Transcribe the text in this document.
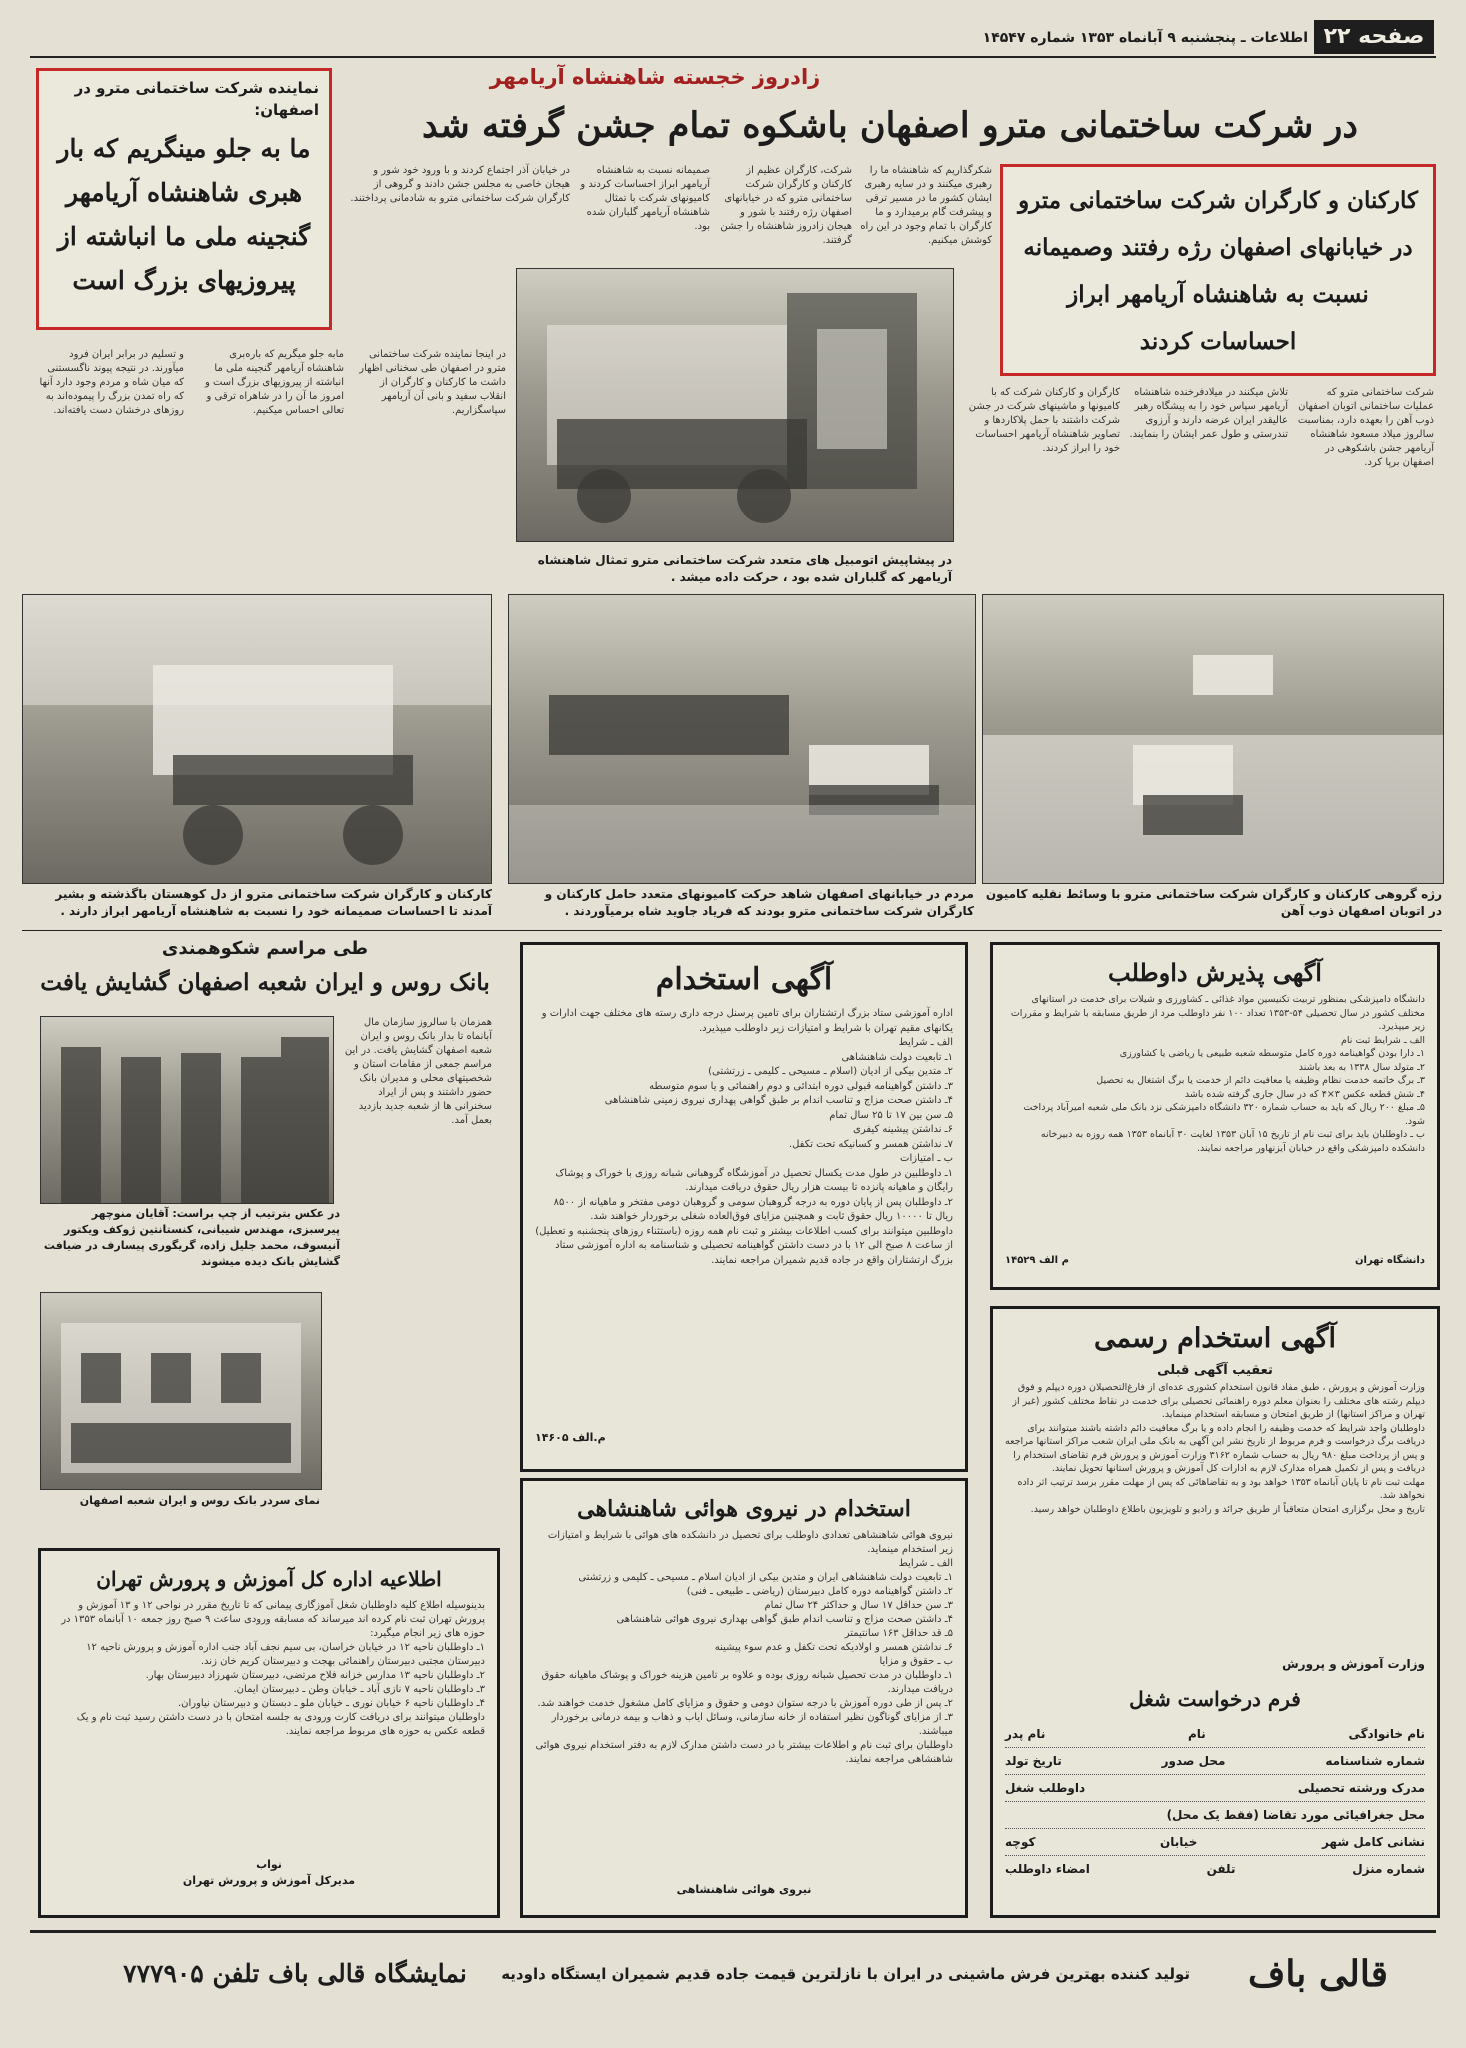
صفحه ۲۲
اطلاعات ـ پنجشنبه ۹ آبانماه ۱۳۵۳ شماره ۱۴۵۴۷
نماینده شرکت ساختمانی مترو در اصفهان:
ما به جلو مینگریم که بار هبری شاهنشاه آریامهر گنجینه ملی ما انباشته از پیروزیهای بزرگ است
زادروز خجسته شاهنشاه آریامهر
در شرکت ساختمانی مترو اصفهان باشکوه تمام جشن گرفته شد
کارکنان و کارگران شرکت ساختمانی مترو در خیابانهای اصفهان رژه رفتند وصمیمانه نسبت به شاهنشاه آریامهر ابراز احساسات کردند
شکرگذاریم که شاهنشاه ما را رهبری میکنند و در سایه رهبری ایشان کشور ما در مسیر ترقی و پیشرفت گام برمیدارد و ما کارگران با تمام وجود در این راه کوشش میکنیم.
شرکت، کارگران عظیم از کارکنان و کارگران شرکت ساختمانی مترو که در خیابانهای اصفهان رژه رفتند با شور و هیجان زادروز شاهنشاه را جشن گرفتند.
صمیمانه نسبت به شاهنشاه آریامهر ابراز احساسات کردند و کامیونهای شرکت با تمثال شاهنشاه آریامهر گلباران شده بود.
در خیابان آذر اجتماع کردند و با ورود خود شور و هیجان خاصی به مجلس جشن دادند و گروهی از کارگران شرکت ساختمانی مترو به شادمانی پرداختند.
در پیشاپیش اتومبیل های متعدد شرکت ساختمانی مترو تمثال شاهنشاه آریامهر که گلباران شده بود ، حرکت داده میشد .
شرکت ساختمانی مترو که عملیات ساختمانی اتوبان اصفهان ذوب آهن را بعهده دارد، بمناسبت سالروز میلاد مسعود شاهنشاه آریامهر جشن باشکوهی در اصفهان برپا کرد.
تلاش میکنند در میلادفرخنده شاهنشاه آریامهر سپاس خود را به پیشگاه رهبر عالیقدر ایران عرضه دارند و آرزوی تندرستی و طول عمر ایشان را بنمایند.
کارگران و کارکنان شرکت که با کامیونها و ماشینهای شرکت در جشن شرکت داشتند با حمل پلاکاردها و تصاویر شاهنشاه آریامهر احساسات خود را ابراز کردند.
و تسلیم در برابر ایران فرود میآورند. در نتیجه پیوند ناگسستنی که میان شاه و مردم وجود دارد آنها که راه تمدن بزرگ را پیموده‌اند به روزهای درخشان دست یافته‌اند.
مابه جلو میگریم که باره‌بری شاهنشاه آریامهر گنجینه ملی ما انباشته از پیروزیهای بزرگ است و امروز ما آن را در شاهراه ترقی و تعالی احساس میکنیم.
در اینجا نماینده شرکت ساختمانی مترو در اصفهان طی سخنانی اظهار داشت ما کارکنان و کارگران از انقلاب سفید و بانی آن آریامهر سپاسگزاریم.
رژه گروهی کارکنان و کارگران شرکت ساختمانی مترو با وسائط نقلیه کامیون در اتوبان اصفهان ذوب آهن
مردم در خیابانهای اصفهان شاهد حرکت کامیونهای متعدد حامل کارکنان و کارگران شرکت ساختمانی مترو بودند که فریاد جاوید شاه برمیآوردند .
کارکنان و کارگران شرکت ساختمانی مترو از دل کوهستان باگذشته و بشیر آمدند تا احساسات صمیمانه خود را نسبت به شاهنشاه آریامهر ابراز دارند .
طی مراسم شکوهمندی
بانک روس و ایران شعبه اصفهان گشایش یافت
در عکس بترتیب از چپ براست: آقایان منوچهر پیرسبزی، مهندس شیبانی، کنستانتین ژوکف ویکتور آنیسوف، محمد جلیل زاده، گریگوری پیسارف در ضیافت گشایش بانک دیده میشوند
نمای سردر بانک روس و ایران شعبه اصفهان
همزمان با سالروز سازمان مال آبانماه تا بدار بانک روس و ایران شعبه اصفهان گشایش یافت. در این مراسم جمعی از مقامات استان و شخصیتهای محلی و مدیران بانک حضور داشتند و پس از ایراد سخنرانی ها از شعبه جدید بازدید بعمل آمد.
آگهی استخدام
اداره آموزشی ستاد بزرگ ارتشتاران برای تامین پرسنل درجه داری رسته های مختلف جهت ادارات و یکانهای مقیم تهران با شرایط و امتیازات زیر داوطلب میپذیرد.
الف ـ شرایط
۱ـ تابعیت دولت شاهنشاهی
۲ـ متدین بیکی از ادیان (اسلام ـ مسیحی ـ کلیمی ـ زرتشتی)
۳ـ داشتن گواهینامه قبولی دوره ابتدائی و دوم راهنمائی و یا سوم متوسطه
۴ـ داشتن صحت مزاج و تناسب اندام بر طبق گواهی پهداری نیروی زمینی شاهنشاهی
۵ـ سن بین ۱۷ تا ۲۵ سال تمام
۶ـ نداشتن پیشینه کیفری
۷ـ نداشتن همسر و کسانیکه تحت تکفل.
ب ـ امتیازات
۱ـ داوطلبین در طول مدت یکسال تحصیل در آموزشگاه گروهبانی شبانه روزی با خوراک و پوشاک رایگان و ماهیانه پانزده تا بیست هزار ریال حقوق دریافت میدارند.
۲ـ داوطلبان پس از پایان دوره به درجه گروهبان سومی و گروهبان دومی مفتخر و ماهیانه از ۸۵۰۰ ریال تا ۱۰۰۰۰ ریال حقوق ثابت و همچنین مزایای فوق‌العاده شغلی برخوردار خواهند شد.
داوطلبین میتوانند برای کسب اطلاعات بیشتر و ثبت نام همه روزه (باستثناء روزهای پنجشنبه و تعطیل) از ساعت ۸ صبح الی ۱۲ با در دست داشتن گواهینامه تحصیلی و شناسنامه به اداره آموزشی ستاد بزرگ ارتشتاران واقع در جاده قدیم شمیران مراجعه نمایند.
م.الف ۱۴۶۰۵
استخدام در نیروی هوائی شاهنشاهی
نیروی هوائی شاهنشاهی تعدادی داوطلب برای تحصیل در دانشکده های هوائی با شرایط و امتیازات زیر استخدام مینماید.
الف ـ شرایط
۱ـ تابعیت دولت شاهنشاهی ایران و متدین بیکی از ادیان اسلام ـ مسیحی ـ کلیمی و زرتشتی
۲ـ داشتن گواهینامه دوره کامل دبیرستان (ریاضی ـ طبیعی ـ فنی)
۳ـ سن حداقل ۱۷ سال و حداکثر ۲۴ سال تمام
۴ـ داشتن صحت مزاج و تناسب اندام طبق گواهی بهداری نیروی هوائی شاهنشاهی
۵ـ قد حداقل ۱۶۳ سانتیمتر
۶ـ نداشتن همسر و اولادیکه تحت تکفل و عدم سوء پیشینه
ب ـ حقوق و مزایا
۱ـ داوطلبان در مدت تحصیل شبانه روزی بوده و علاوه بر تامین هزینه خوراک و پوشاک ماهیانه حقوق دریافت میدارند.
۲ـ پس از طی دوره آموزش با درجه ستوان دومی و حقوق و مزایای کامل مشغول خدمت خواهند شد.
۳ـ از مزایای گوناگون نظیر استفاده از خانه سازمانی، وسائل ایاب و ذهاب و بیمه درمانی برخوردار میباشند.
داوطلبان برای ثبت نام و اطلاعات بیشتر با در دست داشتن مدارک لازم به دفتر استخدام نیروی هوائی شاهنشاهی مراجعه نمایند.
نیروی هوائی شاهنشاهی
آگهی پذیرش داوطلب
دانشگاه دامپزشکی بمنظور تربیت تکنیسین مواد غذائی ـ کشاورزی و شیلات برای خدمت در استانهای مختلف کشور در سال تحصیلی ۵۴-۱۳۵۳ تعداد ۱۰۰ نفر داوطلب مرد از طریق مسابقه با شرایط و مقررات زیر میپذیرد.
الف ـ شرایط ثبت نام
۱ـ دارا بودن گواهینامه دوره کامل متوسطه شعبه طبیعی یا ریاضی یا کشاورزی
۲ـ متولد سال ۱۳۳۸ به بعد باشند
۳ـ برگ خاتمه خدمت نظام وظیفه یا معافیت دائم از خدمت یا برگ اشتغال به تحصیل
۴ـ شش قطعه عکس ۳×۴ که در سال جاری گرفته شده باشد
۵ـ مبلغ ۲۰۰ ریال که باید به حساب شماره ۳۲۰ دانشگاه دامپزشکی نزد بانک ملی شعبه امیرآباد پرداخت شود.
ب ـ داوطلبان باید برای ثبت نام از تاریخ ۱۵ آبان ۱۳۵۳ لغایت ۳۰ آبانماه ۱۳۵۳ همه روزه به دبیرخانه دانشکده دامپزشکی واقع در خیابان آیزنهاور مراجعه نمایند.
دانشگاه تهران
م الف ۱۴۵۲۹
آگهی استخدام رسمی
تعقیب آگهی قبلی
وزارت آموزش و پرورش ، طبق مفاد قانون استخدام کشوری عده‌ای از فارغ‌التحصیلان دوره دیپلم و فوق دیپلم رشته های مختلف را بعنوان معلم دوره راهنمائی تحصیلی برای خدمت در نقاط مختلف کشور (غیر از تهران و مراکز استانها) از طریق امتحان و مسابقه استخدام مینماید.
داوطلبان واجد شرایط که خدمت وظیفه را انجام داده و یا برگ معافیت دائم داشته باشند میتوانند برای دریافت برگ درخواست و فرم مربوط از تاریخ نشر این آگهی به بانک ملی ایران شعب مراکز استانها مراجعه و پس از پرداخت مبلغ ۹۸۰ ریال به حساب شماره ۳۱۶۲ وزارت آموزش و پرورش فرم تقاضای استخدام را دریافت و پس از تکمیل همراه مدارک لازم به ادارات کل آموزش و پرورش استانها تحویل نمایند.
مهلت ثبت نام تا پایان آبانماه ۱۳۵۳ خواهد بود و به تقاضاهائی که پس از مهلت مقرر برسد ترتیب اثر داده نخواهد شد.
تاریخ و محل برگزاری امتحان متعاقباً از طریق جرائد و رادیو و تلویزیون باطلاع داوطلبان خواهد رسید.
وزارت آموزش و پرورش
فرم درخواست شغل
نام خانوادگی
نام
نام پدر
شماره شناسنامه
محل صدور
تاریخ تولد
مدرک ورشته تحصیلی
داوطلب شغل
محل جغرافیائی مورد تقاضا (فقط یک محل)
نشانی کامل شهر
خیابان
کوچه
شماره منزل
تلفن
امضاء داوطلب
اطلاعیه اداره کل آموزش و پرورش تهران
بدینوسیله اطلاع کلیه داوطلبان شغل آموزگاری پیمانی که تا تاریخ مقرر در نواحی ۱۲ و ۱۳ آموزش و پرورش تهران ثبت نام کرده اند میرساند که مسابقه ورودی ساعت ۹ صبح روز جمعه ۱۰ آبانماه ۱۳۵۳ در حوزه های زیر انجام میگیرد:
۱ـ داوطلبان ناحیه ۱۲ در خیابان خراسان، بی سیم نجف آباد جنب اداره آموزش و پرورش ناحیه ۱۲ دبیرستان مجتبی دبیرستان راهنمائی بهجت و دبیرستان کریم خان زند.
۲ـ داوطلبان ناحیه ۱۳ مدارس خزانه فلاح مرتضی، دبیرستان شهرزاد دبیرستان بهار.
۳ـ داوطلبان ناحیه ۷ نازی آباد ـ خیابان وطن ـ دبیرستان ایمان.
۴ـ داوطلبان ناحیه ۶ خیابان نوری ـ خیابان ملو ـ دبستان و دبیرستان نیاوران.
داوطلبان میتوانند برای دریافت کارت ورودی به جلسه امتحان با در دست داشتن رسید ثبت نام و یک قطعه عکس به حوزه های مربوط مراجعه نمایند.
نواب
مدیرکل آموزش و پرورش تهران
قالی باف
تولید کننده بهترین فرش ماشینی در ایران با نازلترین قیمت جاده قدیم شمیران ایستگاه داودیه
نمایشگاه قالی باف تلفن ۷۷۷۹۰۵
